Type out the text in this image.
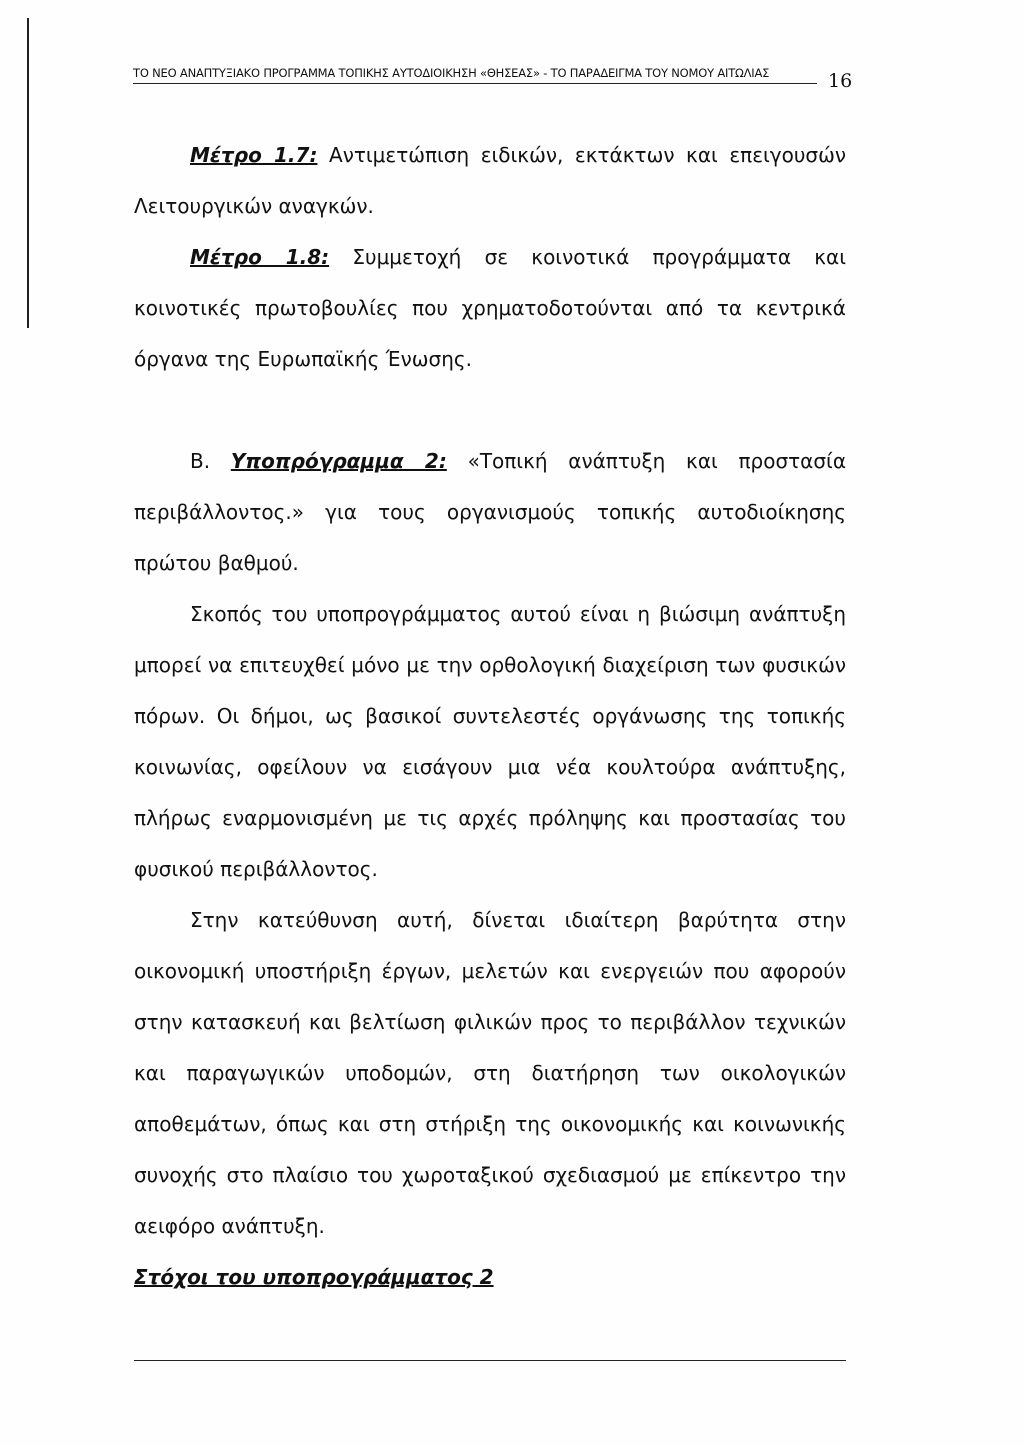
ΤΟ ΝΕΟ ΑΝΑΠΤΥΞΙΑΚΟ ΠΡΟΓΡΑΜΜΑ ΤΟΠΙΚΗΣ ΑΥΤΟΔΙΟΙΚΗΣΗ «ΘΗΣΕΑΣ» - ΤΟ ΠΑΡΑΔΕΙΓΜΑ ΤΟΥ ΝΟΜΟΥ ΑΙΤΩΛΙΑΣ	16

Μέτρο 1.7: Αντιμετώπιση ειδικών, εκτάκτων και επειγουσών Λειτουργικών αναγκών.

Μέτρο 1.8: Συμμετοχή σε κοινοτικά προγράμματα και κοινοτικές πρωτοβουλίες που χρηματοδοτούνται από τα κεντρικά όργανα της Ευρωπαϊκής Ένωσης.

Β. Υποπρόγραμμα 2: «Τοπική ανάπτυξη και προστασία περιβάλλοντος.» για τους οργανισμούς τοπικής αυτοδιοίκησης πρώτου βαθμού.

Σκοπός του υποπρογράμματος αυτού είναι η βιώσιμη ανάπτυξη μπορεί να επιτευχθεί μόνο με την ορθολογική διαχείριση των φυσικών πόρων. Οι δήμοι, ως βασικοί συντελεστές οργάνωσης της τοπικής κοινωνίας, οφείλουν να εισάγουν μια νέα κουλτούρα ανάπτυξης, πλήρως εναρμονισμένη με τις αρχές πρόληψης και προστασίας του φυσικού περιβάλλοντος.

Στην κατεύθυνση αυτή, δίνεται ιδιαίτερη βαρύτητα στην οικονομική υποστήριξη έργων, μελετών και ενεργειών που αφορούν στην κατασκευή και βελτίωση φιλικών προς το περιβάλλον τεχνικών και παραγωγικών υποδομών, στη διατήρηση των οικολογικών αποθεμάτων, όπως και στη στήριξη της οικονομικής και κοινωνικής συνοχής στο πλαίσιο του χωροταξικού σχεδιασμού με επίκεντρο την αειφόρο ανάπτυξη.

Στόχοι του υποπρογράμματος 2
